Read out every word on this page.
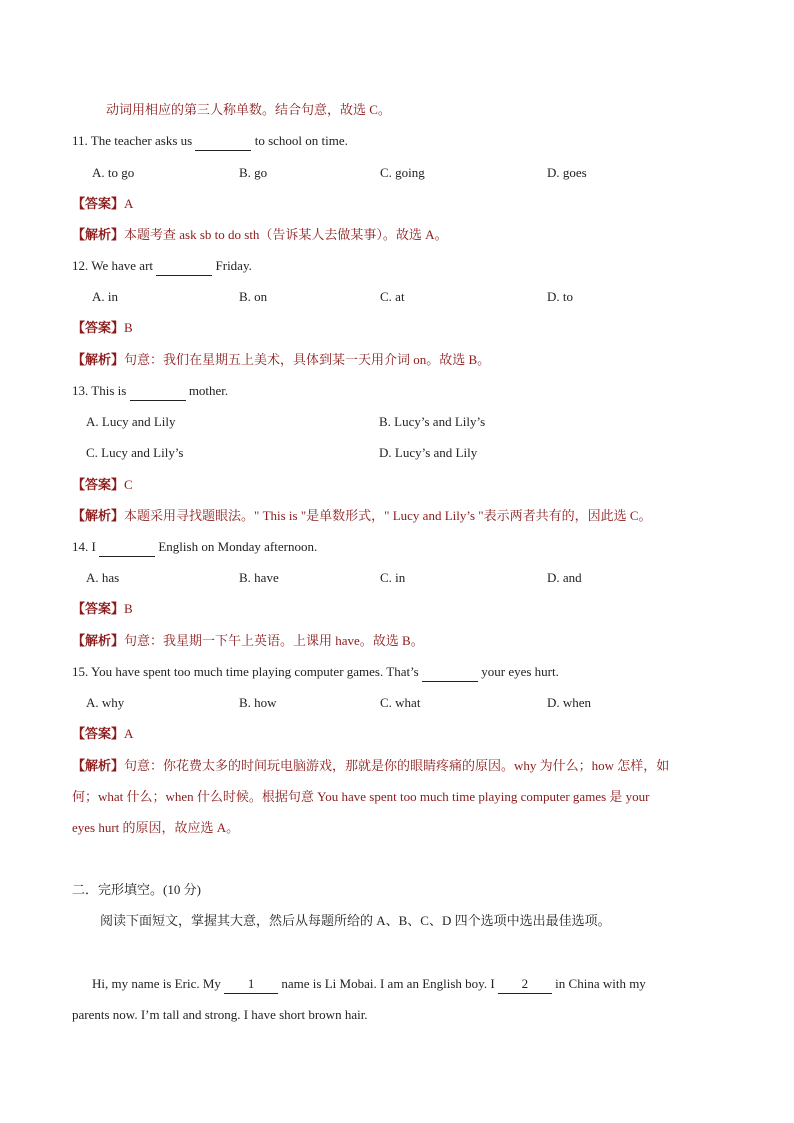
动词用相应的第三人称单数。结合句意，故选 C。
11. The teacher asks us	to school on time.
A. to go	B. go	C. going	D. goes
【答案】A
【解析】本题考查 ask sb to do sth（告诉某人去做某事）。故选 A。
12. We have art	Friday.
A. in	B. on	C. at	D. to
【答案】B
【解析】句意：我们在星期五上美术，具体到某一天用介词 on。故选 B。
13. This is	mother.
A. Lucy and Lily	B. Lucy’s and Lily’s
C. Lucy and Lily’s	D. Lucy’s and Lily
【答案】C
【解析】本题采用寻找题眼法。" This is "是单数形式，" Lucy and Lily’s "表示两者共有的，因此选 C。
14. I	English on Monday afternoon.
A. has	B. have	C. in	D. and
【答案】B
【解析】句意：我星期一下午上英语。上课用 have。故选 B。
15. You have spent too much time playing computer games. That’s	your eyes hurt.
A. why	B. how	C. what	D. when
【答案】A
【解析】句意：你花费太多的时间玩电脑游戏，那就是你的眼睛疼痛的原因。why 为什么；how 怎样，如
何；what 什么；when 什么时候。根据句意 You have spent too much time playing computer games 是 your
eyes hurt 的原因，故应选 A。
二．完形填空。(10 分)
阅读下面短文，掌握其大意，然后从每题所给的 A、B、C、D 四个选项中选出最佳选项。
Hi, my name is Eric. My 1 name is Li Mobai. I am an English boy. I 2 in China with my
parents now. I’m tall and strong. I have short brown hair.
